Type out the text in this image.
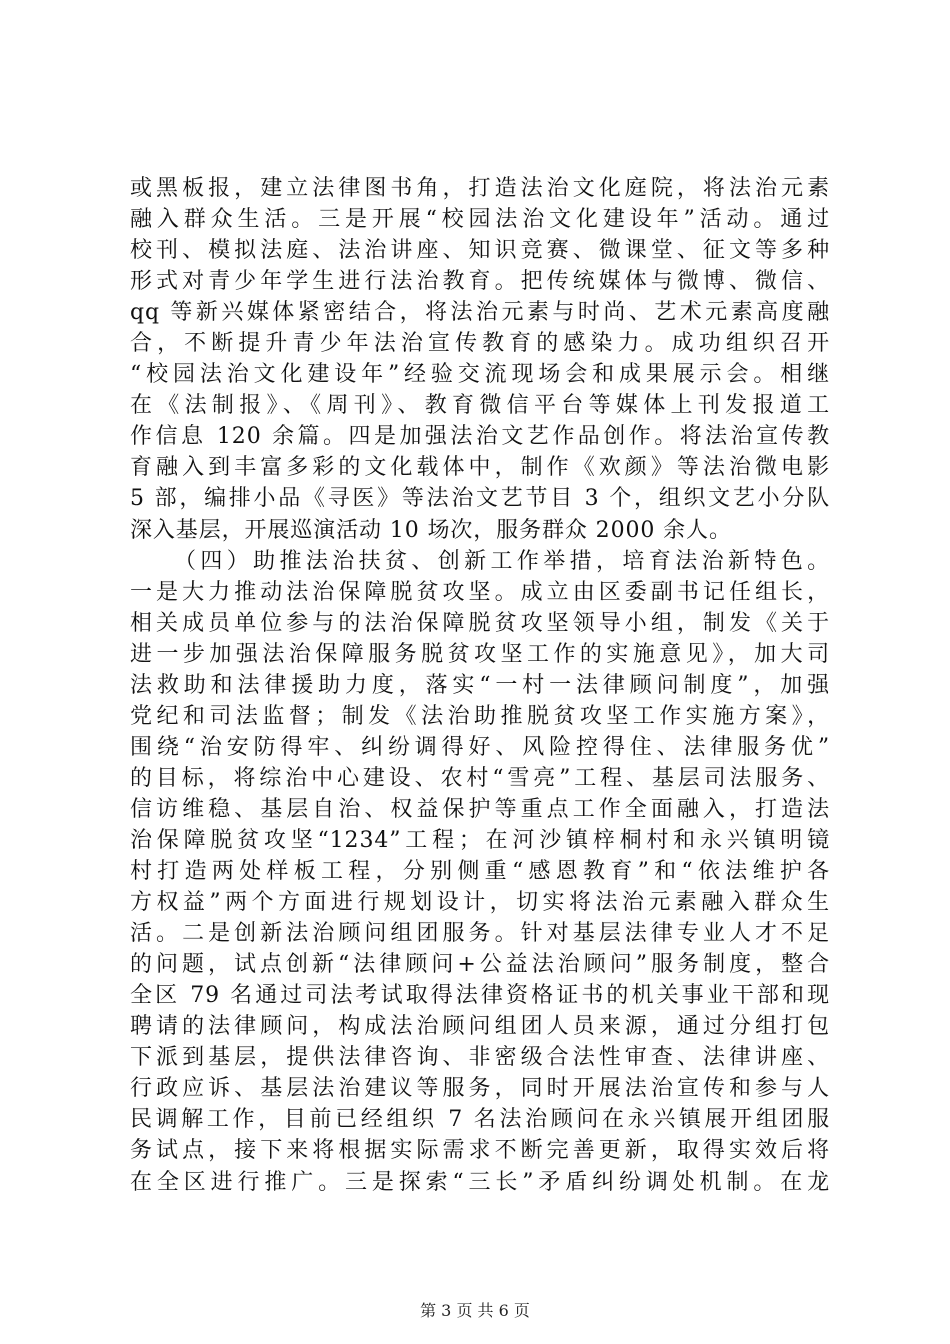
或黑板报，建立法律图书角，打造法治文化庭院，将法治元素
融入群众生活。三是开展“校园法治文化建设年”活动。通过
校刊、模拟法庭、法治讲座、知识竞赛、微课堂、征文等多种
形式对青少年学生进行法治教育。把传统媒体与微博、微信、
qq 等新兴媒体紧密结合，将法治元素与时尚、艺术元素高度融
合，不断提升青少年法治宣传教育的感染力。成功组织召开
“校园法治文化建设年”经验交流现场会和成果展示会。相继
在《法制报》、《周刊》、教育微信平台等媒体上刊发报道工
作信息 120 余篇。四是加强法治文艺作品创作。将法治宣传教
育融入到丰富多彩的文化载体中，制作《欢颜》等法治微电影
5 部，编排小品《寻医》等法治文艺节目 3 个，组织文艺小分队
深入基层，开展巡演活动 10 场次，服务群众 2000 余人。
（四）助推法治扶贫、创新工作举措，培育法治新特色。
一是大力推动法治保障脱贫攻坚。成立由区委副书记任组长，
相关成员单位参与的法治保障脱贫攻坚领导小组，制发《关于
进一步加强法治保障服务脱贫攻坚工作的实施意见》，加大司
法救助和法律援助力度，落实“一村一法律顾问制度”，加强
党纪和司法监督；制发《法治助推脱贫攻坚工作实施方案》，
围绕“治安防得牢、纠纷调得好、风险控得住、法律服务优”
的目标，将综治中心建设、农村“雪亮”工程、基层司法服务、
信访维稳、基层自治、权益保护等重点工作全面融入，打造法
治保障脱贫攻坚“1234”工程；在河沙镇梓桐村和永兴镇明镜
村打造两处样板工程，分别侧重“感恩教育”和“依法维护各
方权益”两个方面进行规划设计，切实将法治元素融入群众生
活。二是创新法治顾问组团服务。针对基层法律专业人才不足
的问题，试点创新“法律顾问+公益法治顾问”服务制度，整合
全区 79 名通过司法考试取得法律资格证书的机关事业干部和现
聘请的法律顾问，构成法治顾问组团人员来源，通过分组打包
下派到基层，提供法律咨询、非密级合法性审查、法律讲座、
行政应诉、基层法治建议等服务，同时开展法治宣传和参与人
民调解工作，目前已经组织 7 名法治顾问在永兴镇展开组团服
务试点，接下来将根据实际需求不断完善更新，取得实效后将
在全区进行推广。三是探索“三长”矛盾纠纷调处机制。在龙
第 3 页 共 6 页
